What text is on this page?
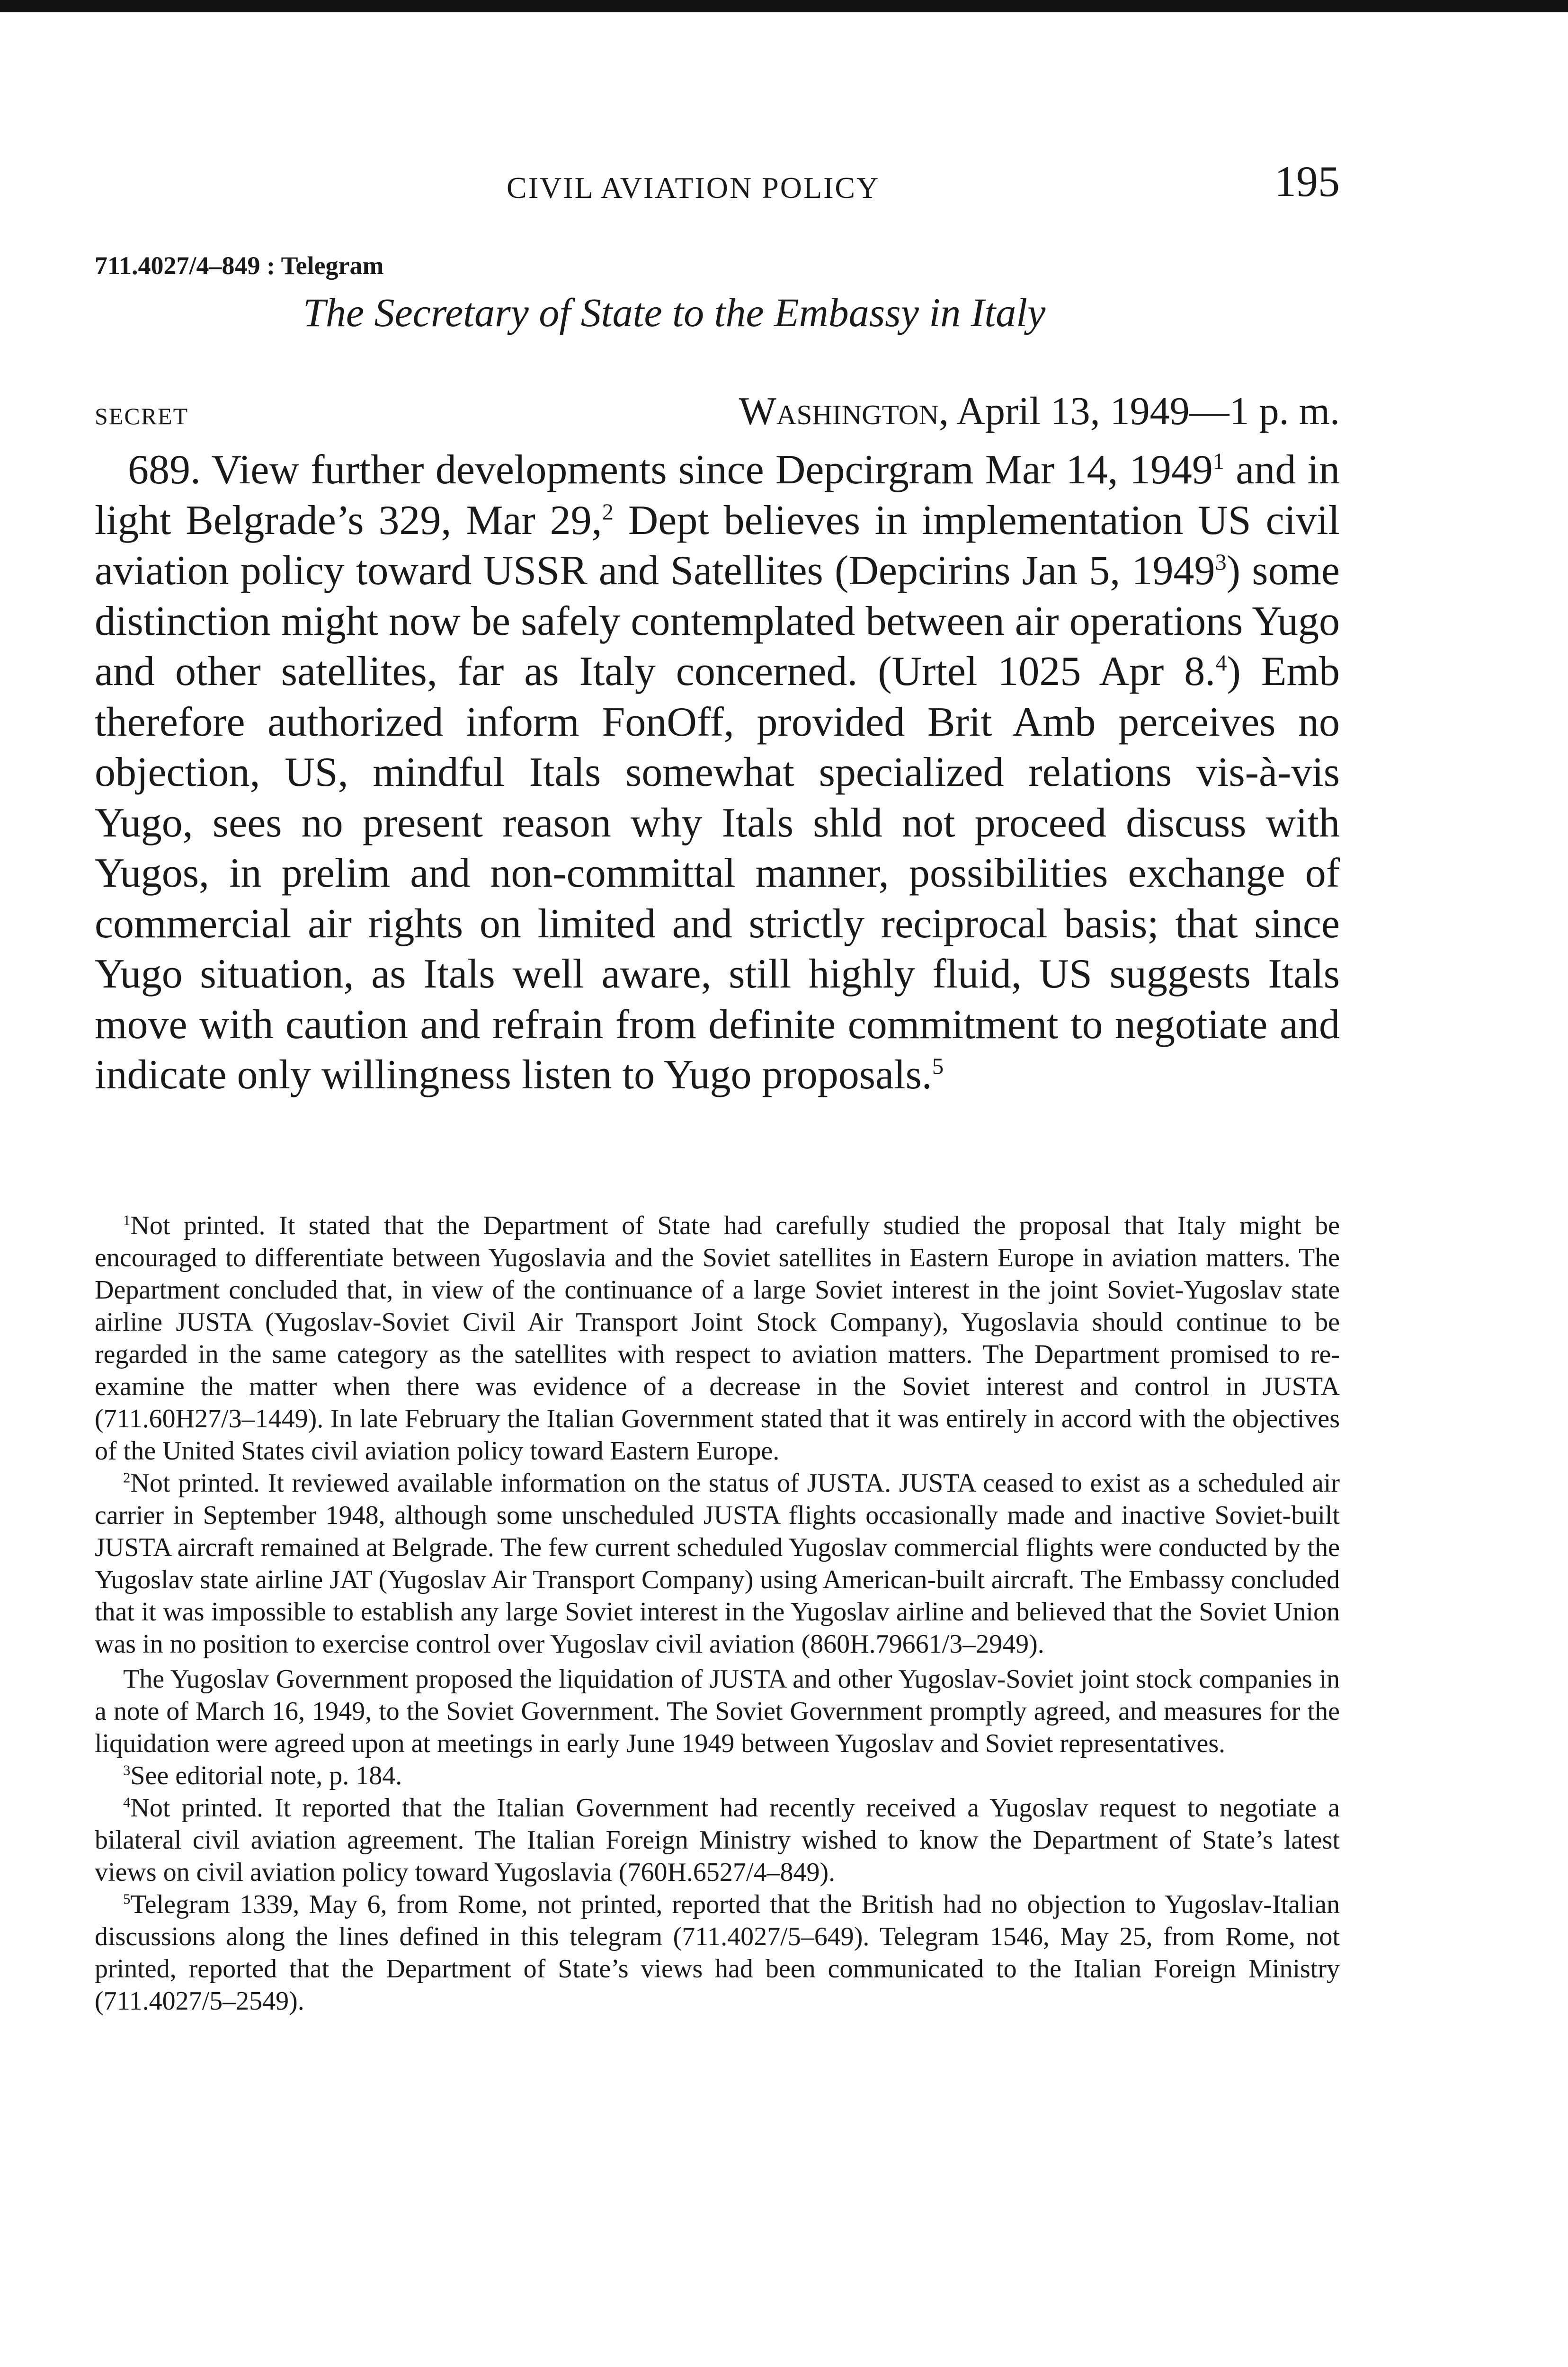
CIVIL AVIATION POLICY	195
711.4027/4–849 : Telegram
The Secretary of State to the Embassy in Italy
SECRET	Washington, April 13, 1949—1 p. m.

689. View further developments since Depcirgram Mar 14, 1949$^1$ and in light Belgrade’s 329, Mar 29,$^2$ Dept believes in implementation US civil aviation policy toward USSR and Satellites (Depcirins Jan 5, 1949$^3$) some distinction might now be safely contemplated between air operations Yugo and other satellites, far as Italy concerned. (Urtel 1025 Apr 8.$^4$) Emb therefore authorized inform FonOff, provided Brit Amb perceives no objection, US, mindful Itals somewhat specialized relations vis-à-vis Yugo, sees no present reason why Itals shld not proceed discuss with Yugos, in prelim and non-committal manner, possibilities exchange of commercial air rights on limited and strictly reciprocal basis; that since Yugo situation, as Itals well aware, still highly fluid, US suggests Itals move with caution and refrain from definite commitment to negotiate and indicate only willingness listen to Yugo proposals.$^5$

$^1$Not printed. It stated that the Department of State had carefully studied the proposal that Italy might be encouraged to differentiate between Yugoslavia and the Soviet satellites in Eastern Europe in aviation matters. The Department concluded that, in view of the continuance of a large Soviet interest in the joint Soviet-Yugoslav state airline JUSTA (Yugoslav-Soviet Civil Air Transport Joint Stock Company), Yugoslavia should continue to be regarded in the same category as the satellites with respect to aviation matters. The Department promised to re-examine the matter when there was evidence of a decrease in the Soviet interest and control in JUSTA (711.60H27/3–1449). In late February the Italian Government stated that it was entirely in accord with the objectives of the United States civil aviation policy toward Eastern Europe.

$^2$Not printed. It reviewed available information on the status of JUSTA. JUSTA ceased to exist as a scheduled air carrier in September 1948, although some unscheduled JUSTA flights occasionally made and inactive Soviet-built JUSTA aircraft remained at Belgrade. The few current scheduled Yugoslav commercial flights were conducted by the Yugoslav state airline JAT (Yugoslav Air Transport Company) using American-built aircraft. The Embassy concluded that it was impossible to establish any large Soviet interest in the Yugoslav airline and believed that the Soviet Union was in no position to exercise control over Yugoslav civil aviation (860H.79661/3–2949).

The Yugoslav Government proposed the liquidation of JUSTA and other Yugoslav-Soviet joint stock companies in a note of March 16, 1949, to the Soviet Government. The Soviet Government promptly agreed, and measures for the liquidation were agreed upon at meetings in early June 1949 between Yugoslav and Soviet representatives.

$^3$See editorial note, p. 184.

$^4$Not printed. It reported that the Italian Government had recently received a Yugoslav request to negotiate a bilateral civil aviation agreement. The Italian Foreign Ministry wished to know the Department of State’s latest views on civil aviation policy toward Yugoslavia (760H.6527/4–849).

$^5$Telegram 1339, May 6, from Rome, not printed, reported that the British had no objection to Yugoslav-Italian discussions along the lines defined in this telegram (711.4027/5–649). Telegram 1546, May 25, from Rome, not printed, reported that the Department of State’s views had been communicated to the Italian Foreign Ministry (711.4027/5–2549).
